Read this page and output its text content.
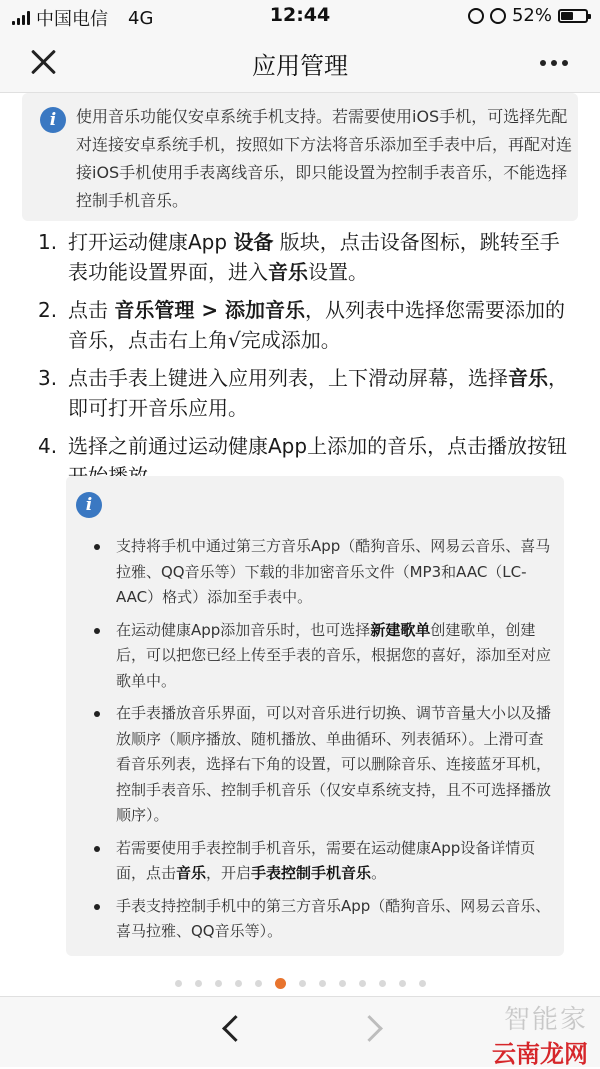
中国电信 4G	12:44	52%
应用管理
i	使用音乐功能仅安卓系统手机支持。若需要使用iOS手机，可选择先配对连接安卓系统手机，按照如下方法将音乐添加至手表中后，再配对连接iOS手机使用手表离线音乐，即只能设置为控制手表音乐，不能选择控制手机音乐。
1. 打开运动健康App 设备 版块，点击设备图标，跳转至手表功能设置界面，进入音乐设置。
2. 点击 音乐管理 > 添加音乐，从列表中选择您需要添加的音乐，点击右上角√完成添加。
3. 点击手表上键进入应用列表，上下滑动屏幕，选择音乐，即可打开音乐应用。
4. 选择之前通过运动健康App上添加的音乐，点击播放按钮
i
支持将手机中通过第三方音乐App（酷狗音乐、网易云音乐、喜马拉雅、QQ音乐等）下载的非加密音乐文件（MP3和AAC（LC-AAC）格式）添加至手表中。
在运动健康App添加音乐时，也可选择新建歌单创建歌单，创建后，可以把您已经上传至手表的音乐，根据您的喜好，添加至对应歌单中。
在手表播放音乐界面，可以对音乐进行切换、调节音量大小以及播放顺序（顺序播放、随机播放、单曲循环、列表循环）。上滑可查看音乐列表，选择右下角的设置，可以删除音乐、连接蓝牙耳机，控制手表音乐、控制手机音乐（仅安卓系统支持，且不可选择播放顺序）。
若需要使用手表控制手机音乐，需要在运动健康App设备详情页面，点击音乐，开启手表控制手机音乐。
手表支持控制手机中的第三方音乐App（酷狗音乐、网易云音乐、喜马拉雅、QQ音乐等）。
智能家
云南龙网
